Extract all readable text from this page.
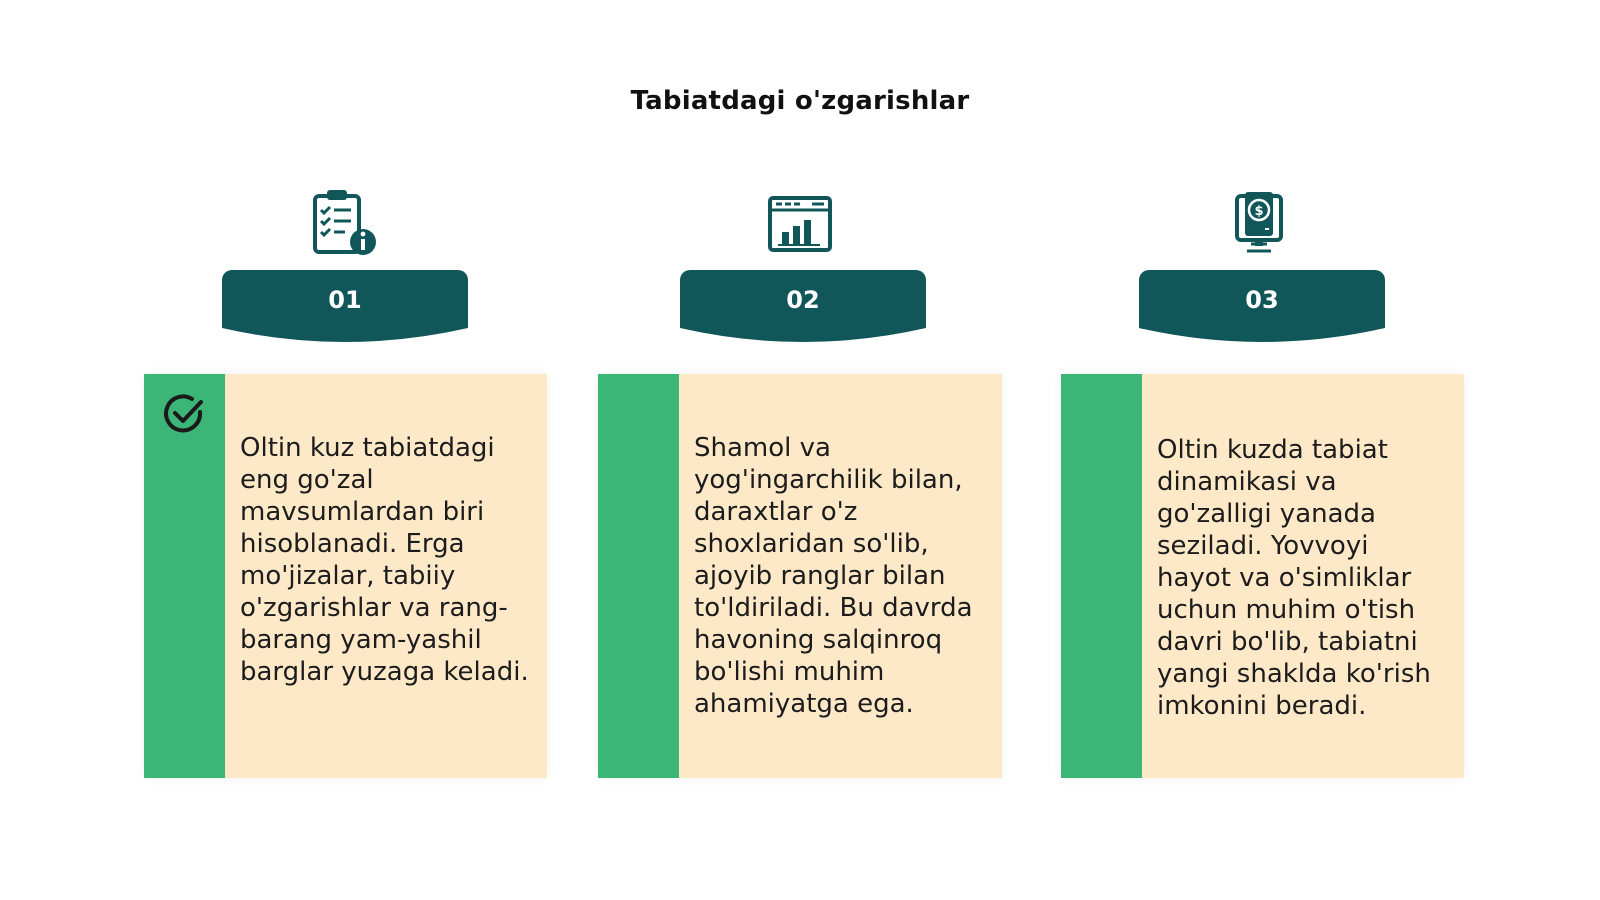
Tabiatdagi o'zgarishlar
01
Oltin kuz tabiatdagi eng go'zal mavsumlardan biri hisoblanadi. Erga mo'jizalar, tabiiy o'zgarishlar va rang-barang yam-yashil barglar yuzaga keladi.
02
Shamol va yog'ingarchilik bilan, daraxtlar o'z shoxlaridan so'lib, ajoyib ranglar bilan to'ldiriladi. Bu davrda havoning salqinroq bo'lishi muhim ahamiyatga ega.
$
03
Oltin kuzda tabiat dinamikasi va go'zalligi yanada seziladi. Yovvoyi hayot va o'simliklar uchun muhim o'tish davri bo'lib, tabiatni yangi shaklda ko'rish imkonini beradi.
